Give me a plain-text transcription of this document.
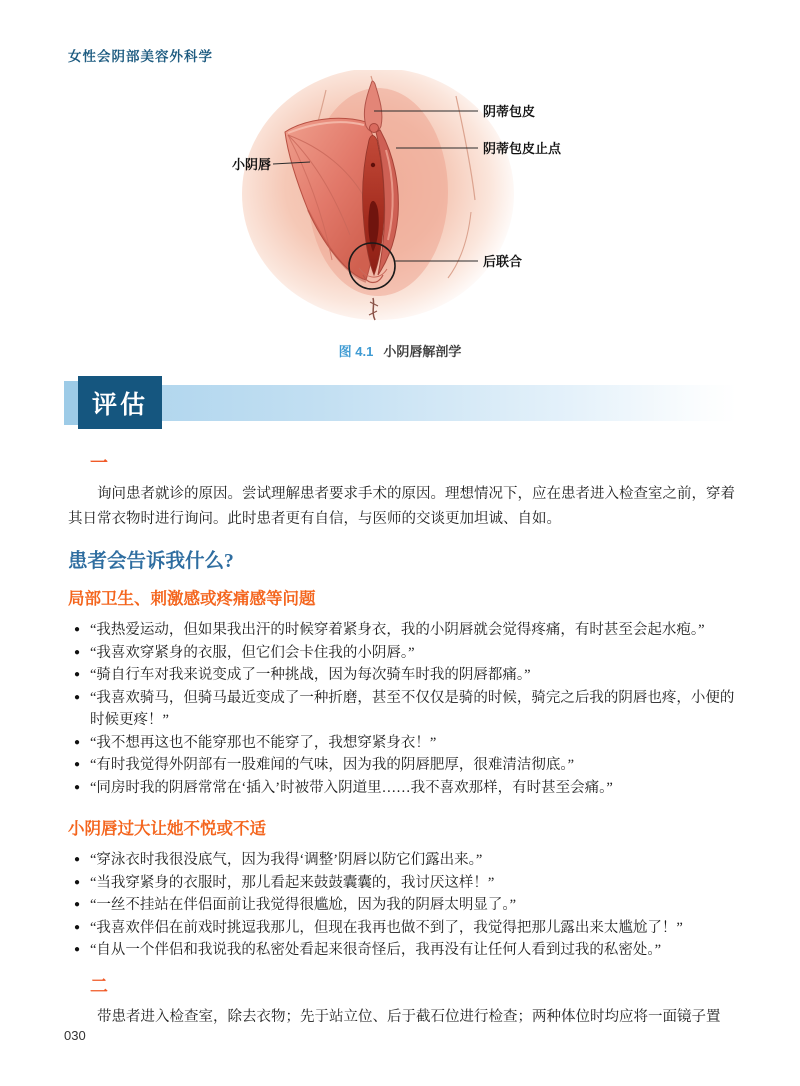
女性会阴部美容外科学
阴蒂包皮
阴蒂包皮止点
小阴唇
后联合
图 4.1 小阴唇解剖学
评估
一

询问患者就诊的原因。尝试理解患者要求手术的原因。理想情况下，应在患者进入检查室之前，穿着其日常衣物时进行询问。此时患者更有自信，与医师的交谈更加坦诚、自如。

患者会告诉我什么?
局部卫生、刺激感或疼痛感等问题
● “我热爱运动，但如果我出汗的时候穿着紧身衣，我的小阴唇就会觉得疼痛，有时甚至会起水疱。”
● “我喜欢穿紧身的衣服，但它们会卡住我的小阴唇。”
● “骑自行车对我来说变成了一种挑战，因为每次骑车时我的阴唇都痛。”
● “我喜欢骑马，但骑马最近变成了一种折磨，甚至不仅仅是骑的时候，骑完之后我的阴唇也疼，小便的时候更疼！”
● “我不想再这也不能穿那也不能穿了，我想穿紧身衣！”
● “有时我觉得外阴部有一股难闻的气味，因为我的阴唇肥厚，很难清洁彻底。”
● “同房时我的阴唇常常在‘插入’时被带入阴道里……我不喜欢那样，有时甚至会痛。”
小阴唇过大让她不悦或不适
● “穿泳衣时我很没底气，因为我得‘调整’阴唇以防它们露出来。”
● “当我穿紧身的衣服时，那儿看起来鼓鼓囊囊的，我讨厌这样！”
● “一丝不挂站在伴侣面前让我觉得很尴尬，因为我的阴唇太明显了。”
● “我喜欢伴侣在前戏时挑逗我那儿，但现在我再也做不到了，我觉得把那儿露出来太尴尬了！”
● “自从一个伴侣和我说我的私密处看起来很奇怪后，我再没有让任何人看到过我的私密处。”
二

带患者进入检查室，除去衣物；先于站立位、后于截石位进行检查；两种体位时均应将一面镜子置

030
